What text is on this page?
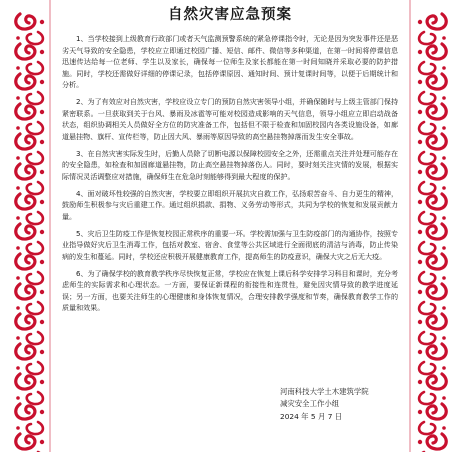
自然灾害应急预案

1、当学校接到上级教育行政部门或者天气监测预警系统的紧急停课指令时，无论是因为突发事件还是恶劣天气导致的安全隐患，学校应立即通过校园广播、短信、邮件、微信等多种渠道，在第一时间将停课信息迅速传达给每一位老师、学生以及家长，确保每一位师生及家长都能在第一时间知晓并采取必要的防护措施。同时，学校还需做好详细的停课记录，包括停课原因、通知时间、预计复课时间等，以便于后期统计和分析。

2、为了有效应对自然灾害，学校应设立专门的预防自然灾害领导小组，并确保随时与上级主管部门保持紧密联系。一旦获取到关于台风、暴雨及冰雹等可能对校园造成影响的天气信息，领导小组应立即启动战备状态，组织协调相关人员做好全方位的防灾准备工作，包括但不限于检查和加固校园内各类设施设备，如廊道悬挂物、旗杆、宣传栏等，防止因大风、暴雨等原因导致的高空悬挂物掉落而发生安全事故。

3、在自然灾害实际发生时，后勤人员除了切断电源以保障校园安全之外，还需重点关注并处理可能存在的安全隐患，如检查和加固廊道悬挂物，防止高空悬挂物掉落伤人。同时，要时刻关注灾情的发展，根据实际情况灵活调整应对措施，确保师生在危急时刻能够得到最大程度的保护。

4、面对破坏性较强的自然灾害，学校要立即组织开展抗灾自救工作，弘扬艰苦奋斗、自力更生的精神，鼓励师生积极参与灾后重建工作。通过组织捐款、捐物、义务劳动等形式，共同为学校的恢复和发展贡献力量。

5、灾后卫生防疫工作是恢复校园正常秩序的重要一环。学校需加强与卫生防疫部门的沟通协作，按照专业指导做好灾后卫生消毒工作，包括对教室、宿舍、食堂等公共区域进行全面彻底的清洁与消毒，防止传染病的发生和蔓延。同时，学校还应积极开展健康教育工作，提高师生的防疫意识，确保大灾之后无大疫。

6、为了确保学校的教育教学秩序尽快恢复正常，学校应在恢复上课后科学安排学习科目和课时，充分考虑师生的实际需求和心理状态。一方面，要保证新课程的衔接性和连贯性，避免因灾情导致的教学进度延误；另一方面，也要关注师生的心理健康和身体恢复情况，合理安排教学强度和节奏，确保教育教学工作的质量和效果。

河南科技大学土木建筑学院
减灾安全工作小组
2024 年 5 月 7 日
